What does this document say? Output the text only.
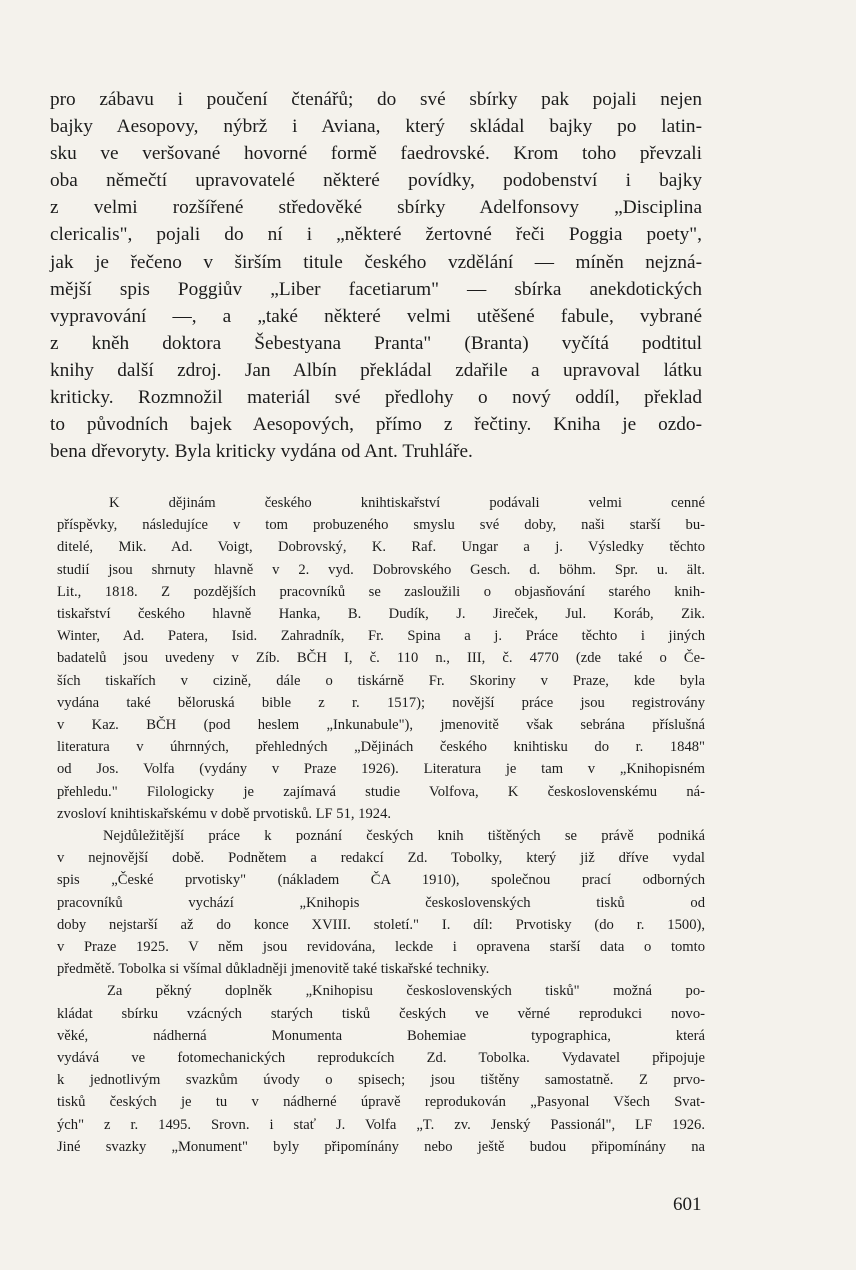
pro zábavu i poučení čtenářů; do své sbírky pak pojali nejen
bajky Aesopovy, nýbrž i Aviana, který skládal bajky po latin-
sku ve veršované hovorné formě faedrovské. Krom toho převzali
oba němečtí upravovatelé některé povídky, podobenství i bajky
z velmi rozšířené středověké sbírky Adelfonsovy „Disciplina
clericalis", pojali do ní i „některé žertovné řeči Poggia poety",
jak je řečeno v širším titule českého vzdělání — míněn nejzná-
mější spis Poggiův „Liber facetiarum" — sbírka anekdotických
vypravování —, a „také některé velmi utěšené fabule, vybrané
z kněh doktora Šebestyana Pranta" (Branta) vyčítá podtitul
knihy další zdroj. Jan Albín překládal zdařile a upravoval látku
kriticky. Rozmnožil materiál své předlohy o nový oddíl, překlad
to původních bajek Aesopových, přímo z řečtiny. Kniha je ozdo-
bena dřevoryty. Byla kriticky vydána od Ant. Truhláře.
K dějinám českého knihtiskařství podávali velmi cenné
příspěvky, následujíce v tom probuzeného smyslu své doby, naši starší bu-
ditelé, Mik. Ad. Voigt, Dobrovský, K. Raf. Ungar a j. Výsledky těchto
studií jsou shrnuty hlavně v 2. vyd. Dobrovského Gesch. d. böhm. Spr. u. ält.
Lit., 1818. Z pozdějších pracovníků se zasloužili o objasňování starého knih-
tiskařství českého hlavně Hanka, B. Dudík, J. Jireček, Jul. Koráb, Zik.
Winter, Ad. Patera, Isid. Zahradník, Fr. Spina a j. Práce těchto i jiných
badatelů jsou uvedeny v Zíb. BČH I, č. 110 n., III, č. 4770 (zde také o Če-
ších tiskařích v cizině, dále o tiskárně Fr. Skoriny v Praze, kde byla
vydána také běloruská bible z r. 1517); novější práce jsou registrovány
v Kaz. BČH (pod heslem „Inkunabule"), jmenovitě však sebrána příslušná
literatura v úhrnných, přehledných „Dějinách českého knihtisku do r. 1848"
od Jos. Volfa (vydány v Praze 1926). Literatura je tam v „Knihopisném
přehledu." Filologicky je zajímavá studie Volfova, K československému ná-
zvosloví knihtiskařskému v době prvotisků. LF 51, 1924.
Nejdůležitější práce k poznání českých knih tištěných se právě podniká
v nejnovější době. Podnětem a redakcí Zd. Tobolky, který již dříve vydal
spis „České prvotisky" (nákladem ČA 1910), společnou prací odborných
pracovníků vychází „Knihopis československých tisků od
doby nejstarší až do konce XVIII. století." I. díl: Prvotisky (do r. 1500),
v Praze 1925. V něm jsou revidována, leckde i opravena starší data o tomto
předmětě. Tobolka si všímal důkladněji jmenovitě také tiskařské techniky.
Za pěkný doplněk „Knihopisu československých tisků" možná po-
kládat sbírku vzácných starých tisků českých ve věrné reprodukci novo-
věké, nádherná Monumenta Bohemiae typographica, která
vydává ve fotomechanických reprodukcích Zd. Tobolka. Vydavatel připojuje
k jednotlivým svazkům úvody o spisech; jsou tištěny samostatně. Z prvo-
tisků českých je tu v nádherné úpravě reprodukován „Pasyonal Všech Svat-
ých" z r. 1495. Srovn. i stať J. Volfa „T. zv. Jenský Passionál", LF 1926.
Jiné svazky „Monument" byly připomínány nebo ještě budou připomínány na
601
